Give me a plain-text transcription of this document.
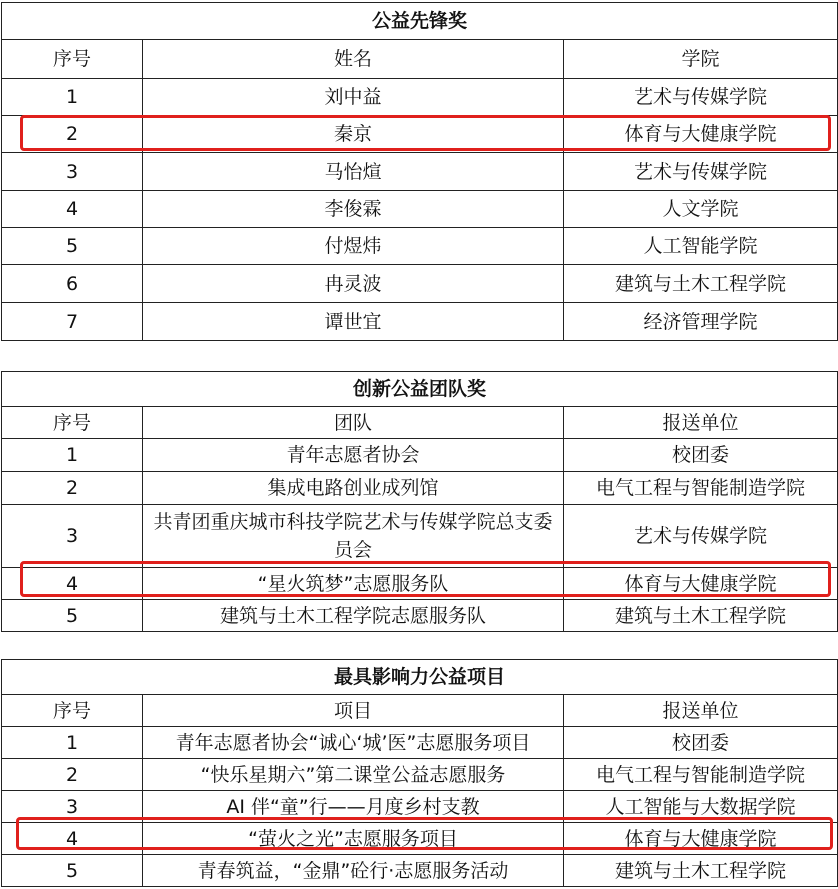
公益先锋奖		
序号	姓名	学院
1	刘中益	艺术与传媒学院
2	秦京	体育与大健康学院
3	马怡煊	艺术与传媒学院
4	李俊霖	人文学院
5	付煜炜	人工智能学院
6	冉灵波	建筑与土木工程学院
7	谭世宜	经济管理学院
创新公益团队奖		
序号	团队	报送单位
1	青年志愿者协会	校团委
2	集成电路创业成列馆	电气工程与智能制造学院
3	共青团重庆城市科技学院艺术与传媒学院总支委员会	艺术与传媒学院
4	“星火筑梦”志愿服务队	体育与大健康学院
5	建筑与土木工程学院志愿服务队	建筑与土木工程学院
最具影响力公益项目		
序号	项目	报送单位
1	青年志愿者协会“诚心‘城’医”志愿服务项目	校团委
2	“快乐星期六”第二课堂公益志愿服务	电气工程与智能制造学院
3	AI 伴“童”行——月度乡村支教	人工智能与大数据学院
4	“萤火之光”志愿服务项目	体育与大健康学院
5	青春筑益，“金鼎”砼行·志愿服务活动	建筑与土木工程学院
